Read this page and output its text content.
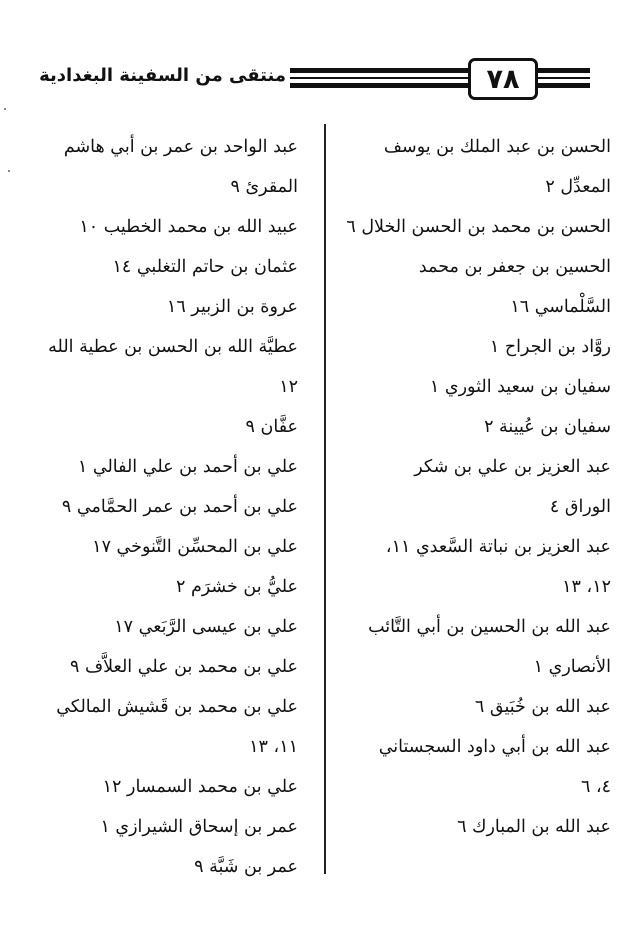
منتقى من السفينة البغدادية	٧٨
الحسن بن عبد الملك بن يوسف
المعدِّل ٢
الحسن بن محمد بن الحسن الخلال ٦
الحسين بن جعفر بن محمد
السَّلْماسي ١٦
روَّاد بن الجراح ١
سفيان بن سعيد الثوري ١
سفيان بن عُيينة ٢
عبد العزيز بن علي بن شكر
الوراق ٤
عبد العزيز بن نباتة السَّعدي ١١،
١٢، ١٣
عبد الله بن الحسين بن أبي التَّائب
الأنصاري ١
عبد الله بن خُبَيق ٦
عبد الله بن أبي داود السجستاني
٤، ٦
عبد الله بن المبارك ٦
عبد الواحد بن عمر بن أبي هاشم
المقرئ ٩
عبيد الله بن محمد الخطيب ١٠
عثمان بن حاتم التغلبي ١٤
عروة بن الزبير ١٦
عطيَّة الله بن الحسن بن عطية الله
١٢
عفَّان ٩
علي بن أحمد بن علي الفالي ١
علي بن أحمد بن عمر الحمَّامي ٩
علي بن المحسِّن التَّنوخي ١٧
عليُّ بن خشرَم ٢
علي بن عيسى الرَّبَعي ١٧
علي بن محمد بن علي العلاَّف ٩
علي بن محمد بن قَشيش المالكي
١١، ١٣
علي بن محمد السمسار ١٢
عمر بن إسحاق الشيرازي ١
عمر بن شَبَّة ٩
